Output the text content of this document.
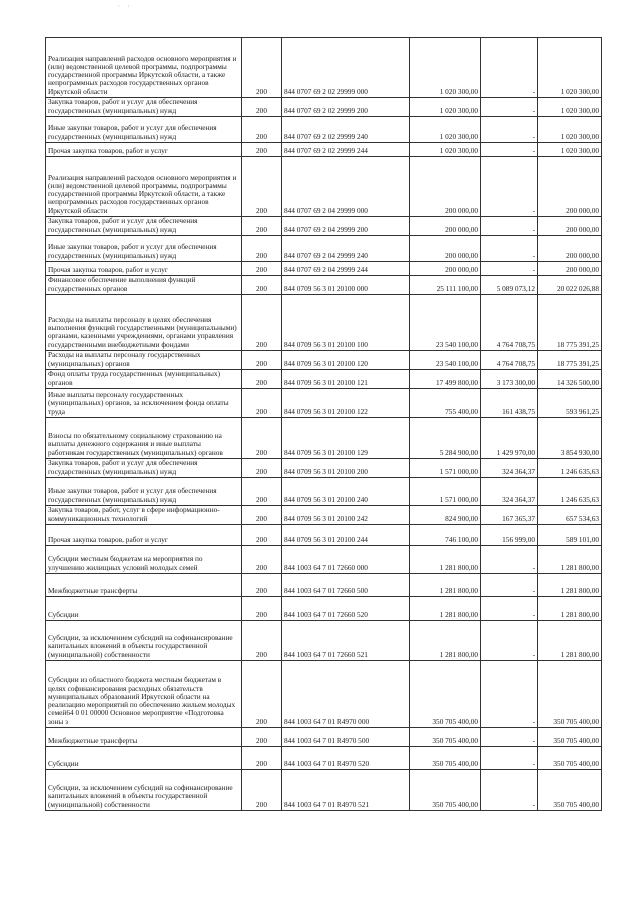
· ·
Реализация направлений расходов основного мероприятия и (или) ведомственной целевой программы, подпрограммы государственной программы Иркутской области, а также непрограммных расходов государственных органов Иркутской области	200	844 0707 69 2 02 29999 000	1 020 300,00	-	1 020 300,00
Закупка товаров, работ и услуг для обеспечения государственных (муниципальных) нужд	200	844 0707 69 2 02 29999 200	1 020 300,00	-	1 020 300,00
Иные закупки товаров, работ и услуг для обеспечения государственных (муниципальных) нужд	200	844 0707 69 2 02 29999 240	1 020 300,00	-	1 020 300,00
Прочая закупка товаров, работ и услуг	200	844 0707 69 2 02 29999 244	1 020 300,00	-	1 020 300,00
Реализация направлений расходов основного мероприятия и (или) ведомственной целевой программы, подпрограммы государственной программы Иркутской области, а также непрограммных расходов государственных органов Иркутской области	200	844 0707 69 2 04 29999 000	200 000,00	-	200 000,00
Закупка товаров, работ и услуг для обеспечения государственных (муниципальных) нужд	200	844 0707 69 2 04 29999 200	200 000,00	-	200 000,00
Иные закупки товаров, работ и услуг для обеспечения государственных (муниципальных) нужд	200	844 0707 69 2 04 29999 240	200 000,00	-	200 000,00
Прочая закупка товаров, работ и услуг	200	844 0707 69 2 04 29999 244	200 000,00	-	200 000,00
Финансовое обеспечение выполнения функций государственных органов	200	844 0709 56 3 01 20100 000	25 111 100,00	5 089 073,12	20 022 026,88
Расходы на выплаты персоналу в целях обеспечения выполнения функций государственными (муниципальными) органами, казенными учреждениями, органами управления государственными внебюджетными фондами	200	844 0709 56 3 01 20100 100	23 540 100,00	4 764 708,75	18 775 391,25
Расходы на выплаты персоналу государственных (муниципальных) органов	200	844 0709 56 3 01 20100 120	23 540 100,00	4 764 708,75	18 775 391,25
Фонд оплаты труда государственных (муниципальных) органов	200	844 0709 56 3 01 20100 121	17 499 800,00	3 173 300,00	14 326 500,00
Иные выплаты персоналу государственных (муниципальных) органов, за исключением фонда оплаты труда	200	844 0709 56 3 01 20100 122	755 400,00	161 438,75	593 961,25
Взносы по обязательному социальному страхованию на выплаты денежного содержания и иные выплаты работникам государственных (муниципальных) органов	200	844 0709 56 3 01 20100 129	5 284 900,00	1 429 970,00	3 854 930,00
Закупка товаров, работ и услуг для обеспечения государственных (муниципальных) нужд	200	844 0709 56 3 01 20100 200	1 571 000,00	324 364,37	1 246 635,63
Иные закупки товаров, работ и услуг для обеспечения государственных (муниципальных) нужд	200	844 0709 56 3 01 20100 240	1 571 000,00	324 364,37	1 246 635,63
Закупка товаров, работ, услуг в сфере информационно-коммуникационных технологий	200	844 0709 56 3 01 20100 242	824 900,00	167 365,37	657 534,63
Прочая закупка товаров, работ и услуг	200	844 0709 56 3 01 20100 244	746 100,00	156 999,00	589 101,00
Субсидии местным бюджетам на мероприятия по улучшению жилищных условий молодых семей	200	844 1003 64 7 01 72660 000	1 281 800,00	-	1 281 800,00
Межбюджетные трансферты	200	844 1003 64 7 01 72660 500	1 281 800,00	-	1 281 800,00
Субсидии	200	844 1003 64 7 01 72660 520	1 281 800,00	-	1 281 800,00
Субсидии, за исключением субсидий на софинансирование капитальных вложений в объекты государственной (муниципальной) собственности	200	844 1003 64 7 01 72660 521	1 281 800,00	-	1 281 800,00
Субсидии из областного бюджета местным бюджетам в целях софинансирования расходных обязательств муниципальных образований Иркутской области на реализацию мероприятий по обеспечению жильем молодых семей64 0 01 00000 Основное мероприятие «Подготовка зоны з	200	844 1003 64 7 01 R4970 000	350 705 400,00	-	350 705 400,00
Межбюджетные трансферты	200	844 1003 64 7 01 R4970 500	350 705 400,00	-	350 705 400,00
Субсидии	200	844 1003 64 7 01 R4970 520	350 705 400,00	-	350 705 400,00
Субсидии, за исключением субсидий на софинансирование капитальных вложений в объекты государственной (муниципальной) собственности	200	844 1003 64 7 01 R4970 521	350 705 400,00	-	350 705 400,00
